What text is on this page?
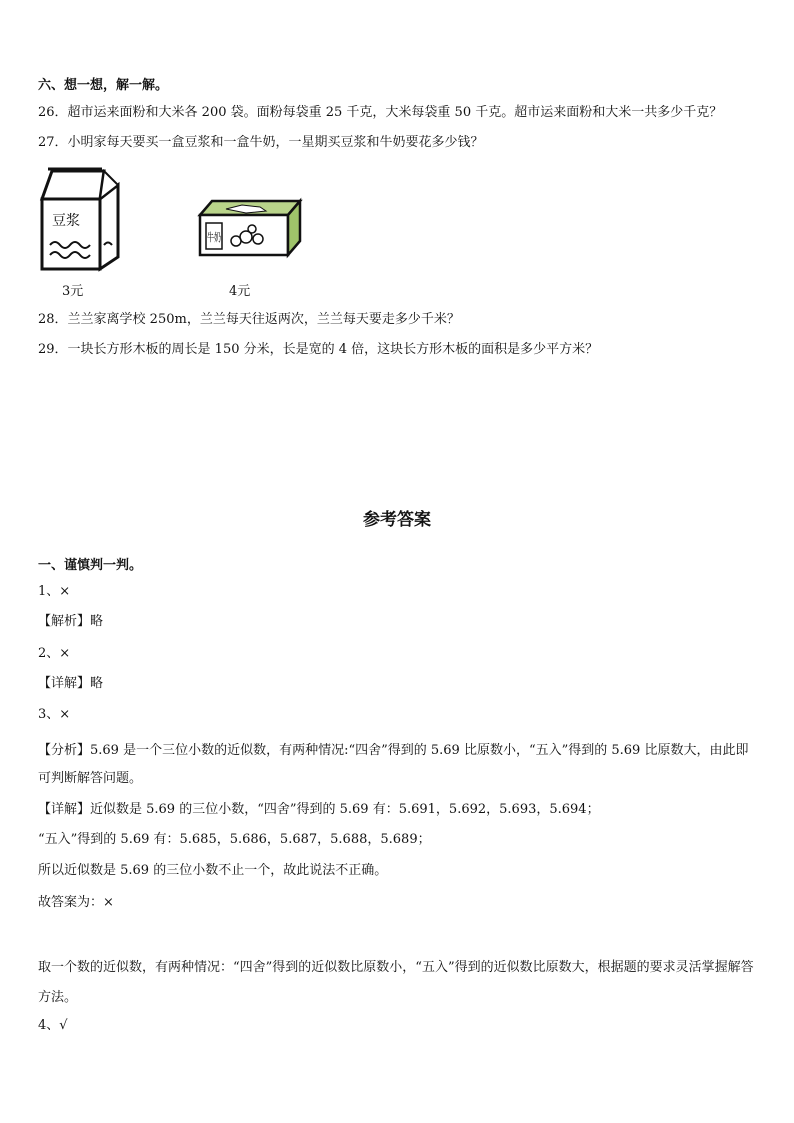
六、想一想，解一解。
26．超市运来面粉和大米各 200 袋。面粉每袋重 25 千克，大米每袋重 50 千克。超市运来面粉和大米一共多少千克？
27．小明家每天要买一盒豆浆和一盒牛奶，一星期买豆浆和牛奶要花多少钱？
豆浆
3元
牛奶
4元
28．兰兰家离学校 250m，兰兰每天往返两次，兰兰每天要走多少千米？
29．一块长方形木板的周长是 150 分米，长是宽的 4 倍，这块长方形木板的面积是多少平方米？
参考答案
一、谨慎判一判。
1、×
【解析】略
2、×
【详解】略
3、×
【分析】5.69 是一个三位小数的近似数，有两种情况:“四舍”得到的 5.69 比原数小，“五入”得到的 5.69 比原数大，由此即可判断解答问题。
【详解】近似数是 5.69 的三位小数，“四舍”得到的 5.69 有：5.691，5.692，5.693，5.694；
“五入”得到的 5.69 有：5.685，5.686，5.687，5.688，5.689；
所以近似数是 5.69 的三位小数不止一个，故此说法不正确。
故答案为：×
取一个数的近似数，有两种情况：“四舍”得到的近似数比原数小，“五入”得到的近似数比原数大，根据题的要求灵活掌握解答方法。
4、√
